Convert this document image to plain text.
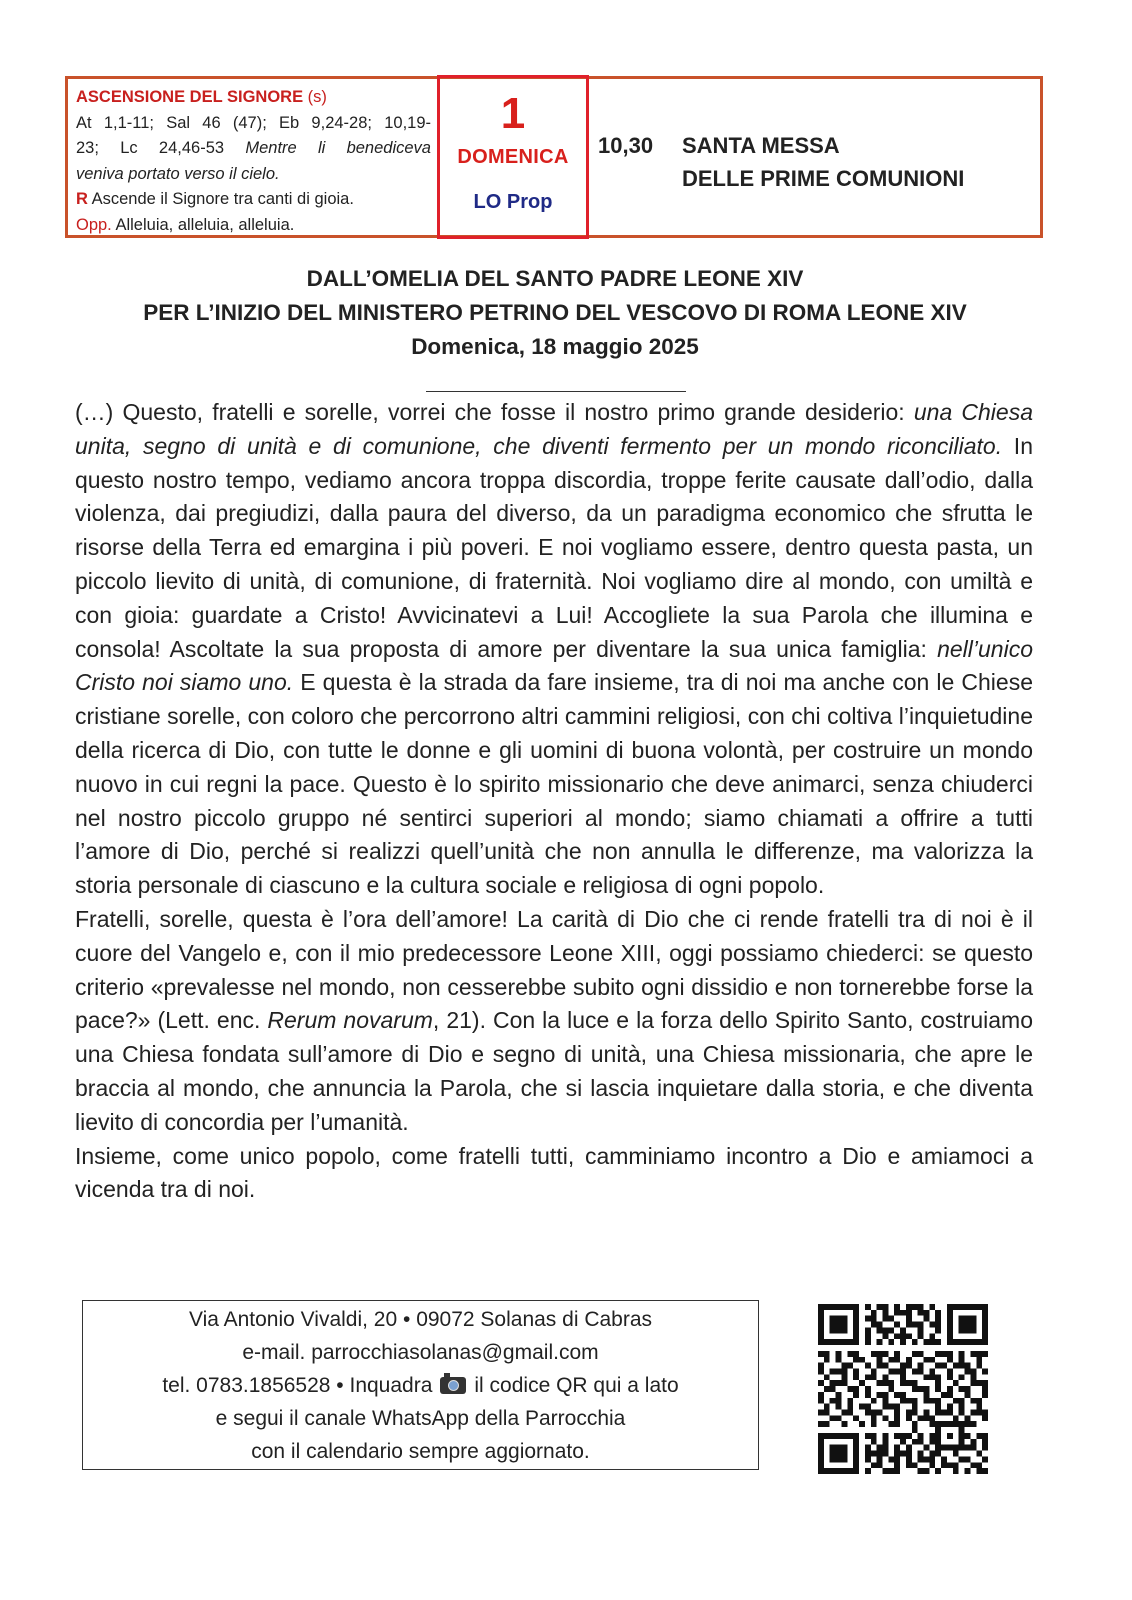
ASCENSIONE DEL SIGNORE (s)
At 1,1-11; Sal 46 (47); Eb 9,24-28; 10,19-
23; Lc 24,46-53 Mentre li benediceva
veniva portato verso il cielo.
R Ascende il Signore tra canti di gioia.
Opp. Alleluia, alleluia, alleluia.
1
DOMENICA
LO Prop
10,30	SANTA MESSA
DELLE PRIME COMUNIONI
DALL’OMELIA DEL SANTO PADRE LEONE XIV
PER L’INIZIO DEL MINISTERO PETRINO DEL VESCOVO DI ROMA LEONE XIV
Domenica, 18 maggio 2025

(…) Questo, fratelli e sorelle, vorrei che fosse il nostro primo grande desiderio: una Chiesa unita, segno di unità e di comunione, che diventi fermento per un mondo riconciliato. In questo nostro tempo, vediamo ancora troppa discordia, troppe ferite causate dall’odio, dalla violenza, dai pregiudizi, dalla paura del diverso, da un paradigma economico che sfrutta le risorse della Terra ed emargina i più poveri. E noi vogliamo essere, dentro questa pasta, un piccolo lievito di unità, di comunione, di fraternità. Noi vogliamo dire al mondo, con umiltà e con gioia: guardate a Cristo! Avvicinatevi a Lui! Accogliete la sua Parola che illumina e consola! Ascoltate la sua proposta di amore per diventare la sua unica famiglia: nell’unico Cristo noi siamo uno. E questa è la strada da fare insieme, tra di noi ma anche con le Chiese cristiane sorelle, con coloro che percorrono altri cammini religiosi, con chi coltiva l’inquietudine della ricerca di Dio, con tutte le donne e gli uomini di buona volontà, per costruire un mondo nuovo in cui regni la pace. Questo è lo spirito missionario che deve animarci, senza chiuderci nel nostro piccolo gruppo né sentirci superiori al mondo; siamo chiamati a offrire a tutti l’amore di Dio, perché si realizzi quell’unità che non annulla le differenze, ma valorizza la storia personale di ciascuno e la cultura sociale e religiosa di ogni popolo.

Fratelli, sorelle, questa è l’ora dell’amore! La carità di Dio che ci rende fratelli tra di noi è il cuore del Vangelo e, con il mio predecessore Leone XIII, oggi possiamo chiederci: se questo criterio «prevalesse nel mondo, non cesserebbe subito ogni dissidio e non tornerebbe forse la pace?» (Lett. enc. Rerum novarum, 21). Con la luce e la forza dello Spirito Santo, costruiamo una Chiesa fondata sull’amore di Dio e segno di unità, una Chiesa missionaria, che apre le braccia al mondo, che annuncia la Parola, che si lascia inquietare dalla storia, e che diventa lievito di concordia per l’umanità.

Insieme, come unico popolo, come fratelli tutti, camminiamo incontro a Dio e amiamoci a vicenda tra di noi.

Via Antonio Vivaldi, 20 • 09072 Solanas di Cabras
e-mail. parrocchiasolanas@gmail.com
tel. 0783.1856528 • Inquadra il codice QR qui a lato
e segui il canale WhatsApp della Parrocchia
con il calendario sempre aggiornato.
